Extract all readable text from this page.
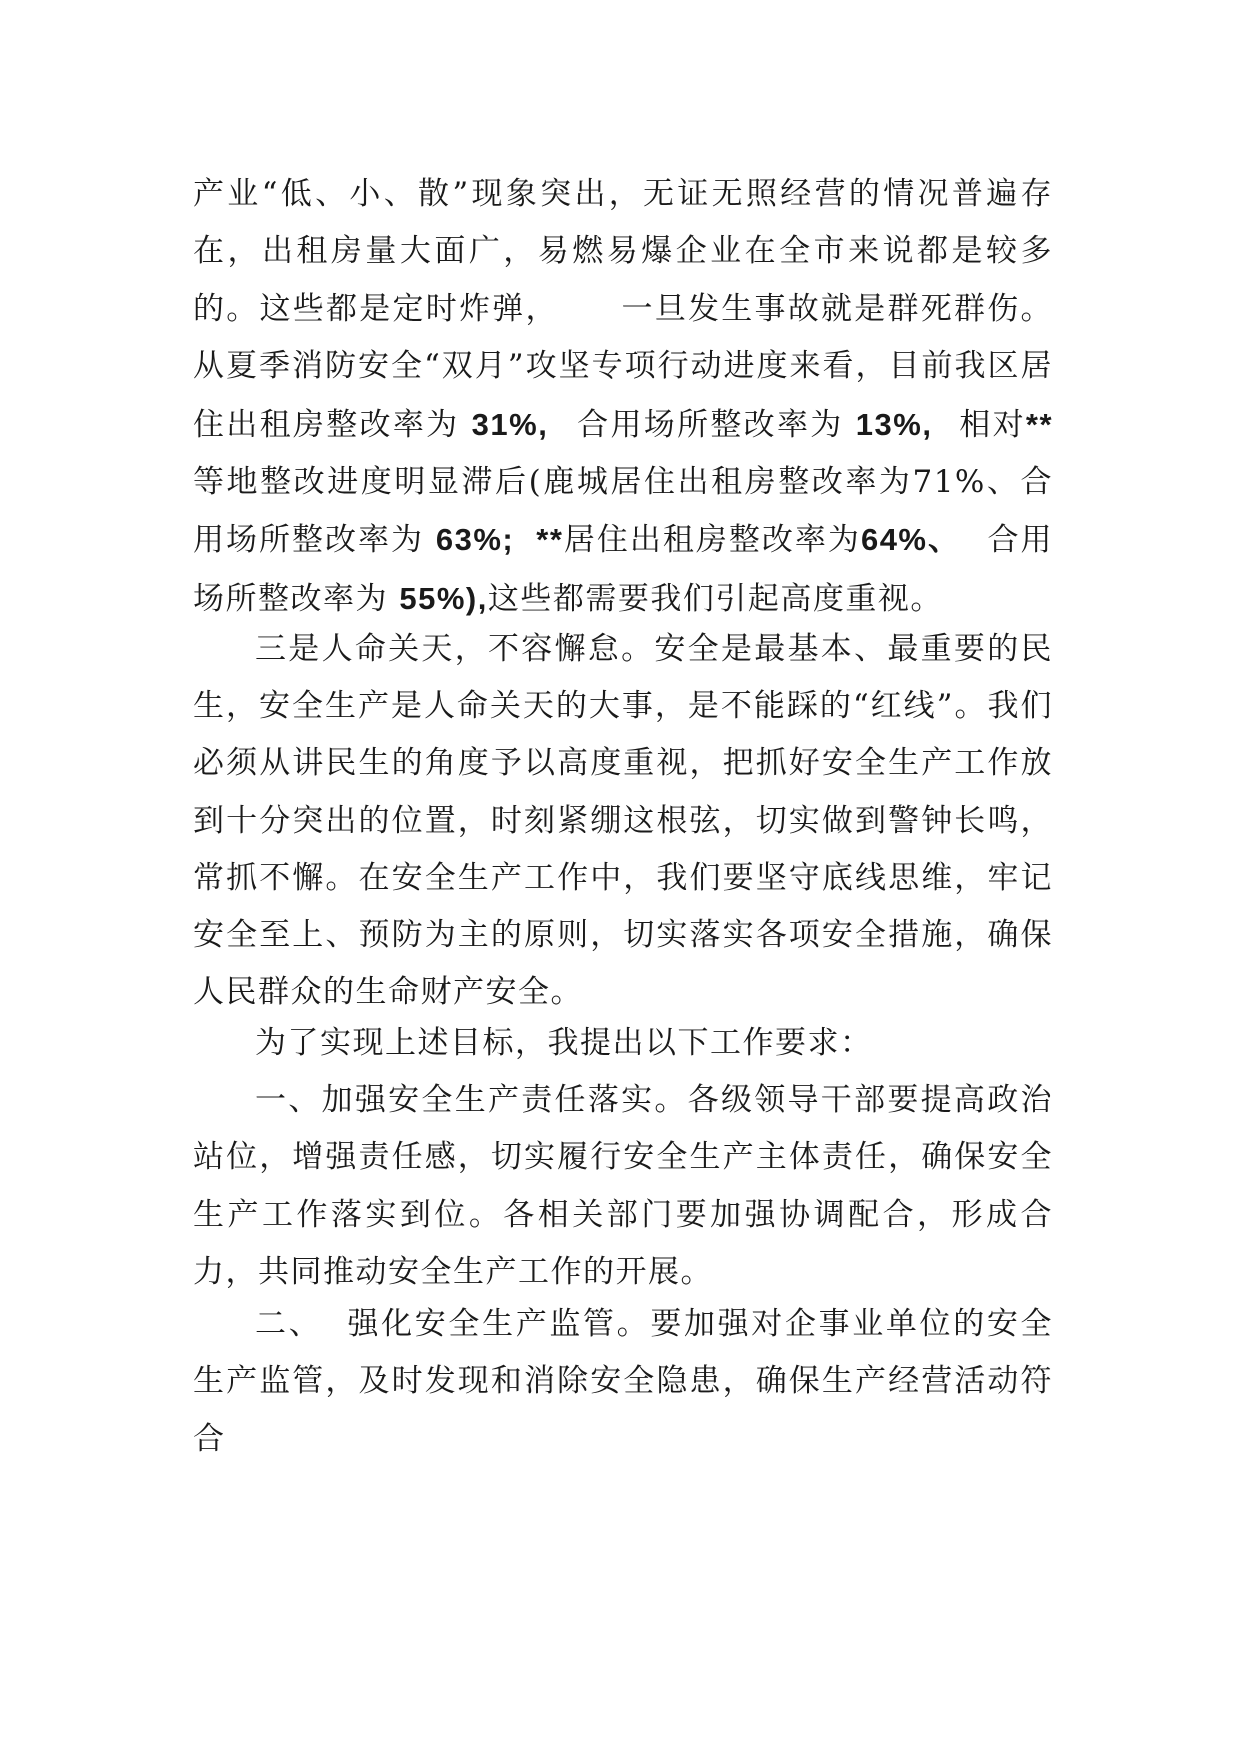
产业“低、小、散”现象突出，无证无照经营的情况普遍存在，出租房量大面广，易燃易爆企业在全市来说都是较多的。这些都是定时炸弹， 一旦发生事故就是群死群伤。从夏季消防安全“双月”攻坚专项行动进度来看，目前我区居住出租房整改率为 31%, 合用场所整改率为 13%, 相对**等地整改进度明显滞后(鹿城居住出租房整改率为71%、合用场所整改率为 63%; **居住出租房整改率为64%、 合用场所整改率为 55%),这些都需要我们引起高度重视。

三是人命关天，不容懈怠。安全是最基本、最重要的民生，安全生产是人命关天的大事，是不能踩的“红线”。我们必须从讲民生的角度予以高度重视，把抓好安全生产工作放到十分突出的位置，时刻紧绷这根弦，切实做到警钟长鸣，常抓不懈。在安全生产工作中，我们要坚守底线思维，牢记安全至上、预防为主的原则，切实落实各项安全措施，确保人民群众的生命财产安全。

为了实现上述目标，我提出以下工作要求：

一、加强安全生产责任落实。各级领导干部要提高政治站位，增强责任感，切实履行安全生产主体责任，确保安全生产工作落实到位。各相关部门要加强协调配合，形成合力，共同推动安全生产工作的开展。

二、 强化安全生产监管。要加强对企事业单位的安全生产监管，及时发现和消除安全隐患，确保生产经营活动符合
